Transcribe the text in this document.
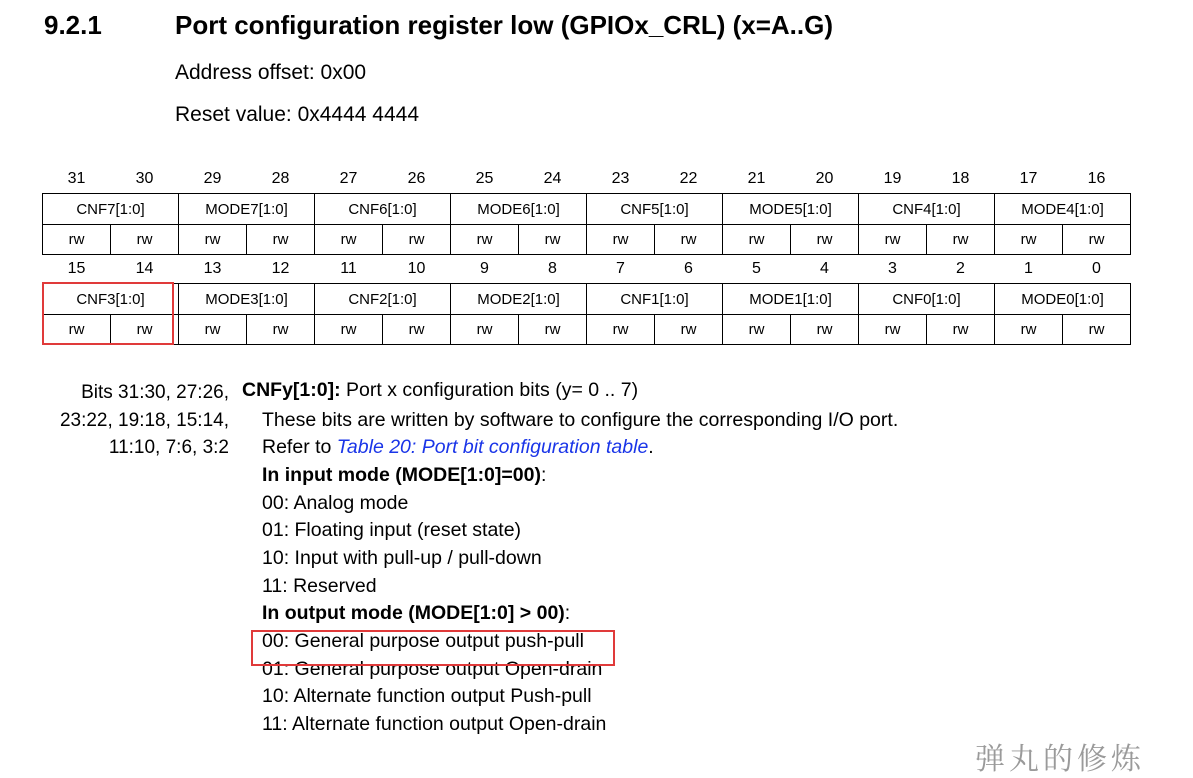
9.2.1	Port configuration register low (GPIOx_CRL) (x=A..G)
Address offset: 0x00
Reset value: 0x4444 4444
31	30	29	28	27	26	25	24	23	22	21	20	19	18	17	16
CNF7[1:0]		MODE7[1:0]		CNF6[1:0]		MODE6[1:0]		CNF5[1:0]		MODE5[1:0]		CNF4[1:0]		MODE4[1:0]	
rw	rw	rw	rw	rw	rw	rw	rw	rw	rw	rw	rw	rw	rw	rw	rw
15	14	13	12	11	10	9	8	7	6	5	4	3	2	1	0
CNF3[1:0]		MODE3[1:0]		CNF2[1:0]		MODE2[1:0]		CNF1[1:0]		MODE1[1:0]		CNF0[1:0]		MODE0[1:0]	
rw	rw	rw	rw	rw	rw	rw	rw	rw	rw	rw	rw	rw	rw	rw	rw
Bits 31:30, 27:26,
23:22, 19:18, 15:14,
11:10, 7:6, 3:2
CNFy[1:0]: Port x configuration bits (y= 0 .. 7)
These bits are written by software to configure the corresponding I/O port.
Refer to Table 20: Port bit configuration table.
In input mode (MODE[1:0]=00):
00: Analog mode
01: Floating input (reset state)
10: Input with pull-up / pull-down
11: Reserved
In output mode (MODE[1:0] > 00):
00: General purpose output push-pull
01: General purpose output Open-drain
10: Alternate function output Push-pull
11: Alternate function output Open-drain
弹丸的修炼
